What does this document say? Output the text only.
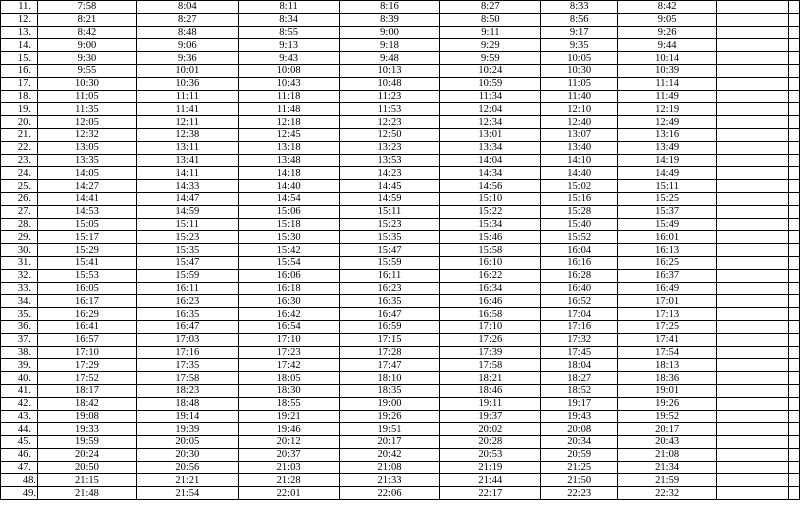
11.	7:58	8:04	8:11	8:16	8:27	8:33	8:42		
12.	8:21	8:27	8:34	8:39	8:50	8:56	9:05		
13.	8:42	8:48	8:55	9:00	9:11	9:17	9:26		
14.	9:00	9:06	9:13	9:18	9:29	9:35	9:44		
15.	9:30	9:36	9:43	9:48	9:59	10:05	10:14		
16.	9:55	10:01	10:08	10:13	10:24	10:30	10:39		
17.	10:30	10:36	10:43	10:48	10:59	11:05	11:14		
18.	11:05	11:11	11:18	11:23	11:34	11:40	11:49		
19.	11:35	11:41	11:48	11:53	12:04	12:10	12:19		
20.	12:05	12:11	12:18	12:23	12:34	12:40	12:49		
21.	12:32	12:38	12:45	12:50	13:01	13:07	13:16		
22.	13:05	13:11	13:18	13:23	13:34	13:40	13:49		
23.	13:35	13:41	13:48	13:53	14:04	14:10	14:19		
24.	14:05	14:11	14:18	14:23	14:34	14:40	14:49		
25.	14:27	14:33	14:40	14:45	14:56	15:02	15:11		
26.	14:41	14:47	14:54	14:59	15:10	15:16	15:25		
27.	14:53	14:59	15:06	15:11	15:22	15:28	15:37		
28.	15:05	15:11	15:18	15:23	15:34	15:40	15:49		
29.	15:17	15:23	15:30	15:35	15:46	15:52	16:01		
30.	15:29	15:35	15:42	15:47	15:58	16:04	16:13		
31.	15:41	15:47	15:54	15:59	16:10	16:16	16:25		
32.	15:53	15:59	16:06	16:11	16:22	16:28	16:37		
33.	16:05	16:11	16:18	16:23	16:34	16:40	16:49		
34.	16:17	16:23	16:30	16:35	16:46	16:52	17:01		
35.	16:29	16:35	16:42	16:47	16:58	17:04	17:13		
36.	16:41	16:47	16:54	16:59	17:10	17:16	17:25		
37.	16:57	17:03	17:10	17:15	17:26	17:32	17:41		
38.	17:10	17:16	17:23	17:28	17:39	17:45	17:54		
39.	17:29	17:35	17:42	17:47	17:58	18:04	18:13		
40.	17:52	17:58	18:05	18:10	18:21	18:27	18:36		
41.	18:17	18:23	18:30	18:35	18:46	18:52	19:01		
42.	18:42	18:48	18:55	19:00	19:11	19:17	19:26		
43.	19:08	19:14	19:21	19:26	19:37	19:43	19:52		
44.	19:33	19:39	19:46	19:51	20:02	20:08	20:17		
45.	19:59	20:05	20:12	20:17	20:28	20:34	20:43		
46.	20:24	20:30	20:37	20:42	20:53	20:59	21:08		
47.	20:50	20:56	21:03	21:08	21:19	21:25	21:34		
48.	21:15	21:21	21:28	21:33	21:44	21:50	21:59		
49.	21:48	21:54	22:01	22:06	22:17	22:23	22:32		
